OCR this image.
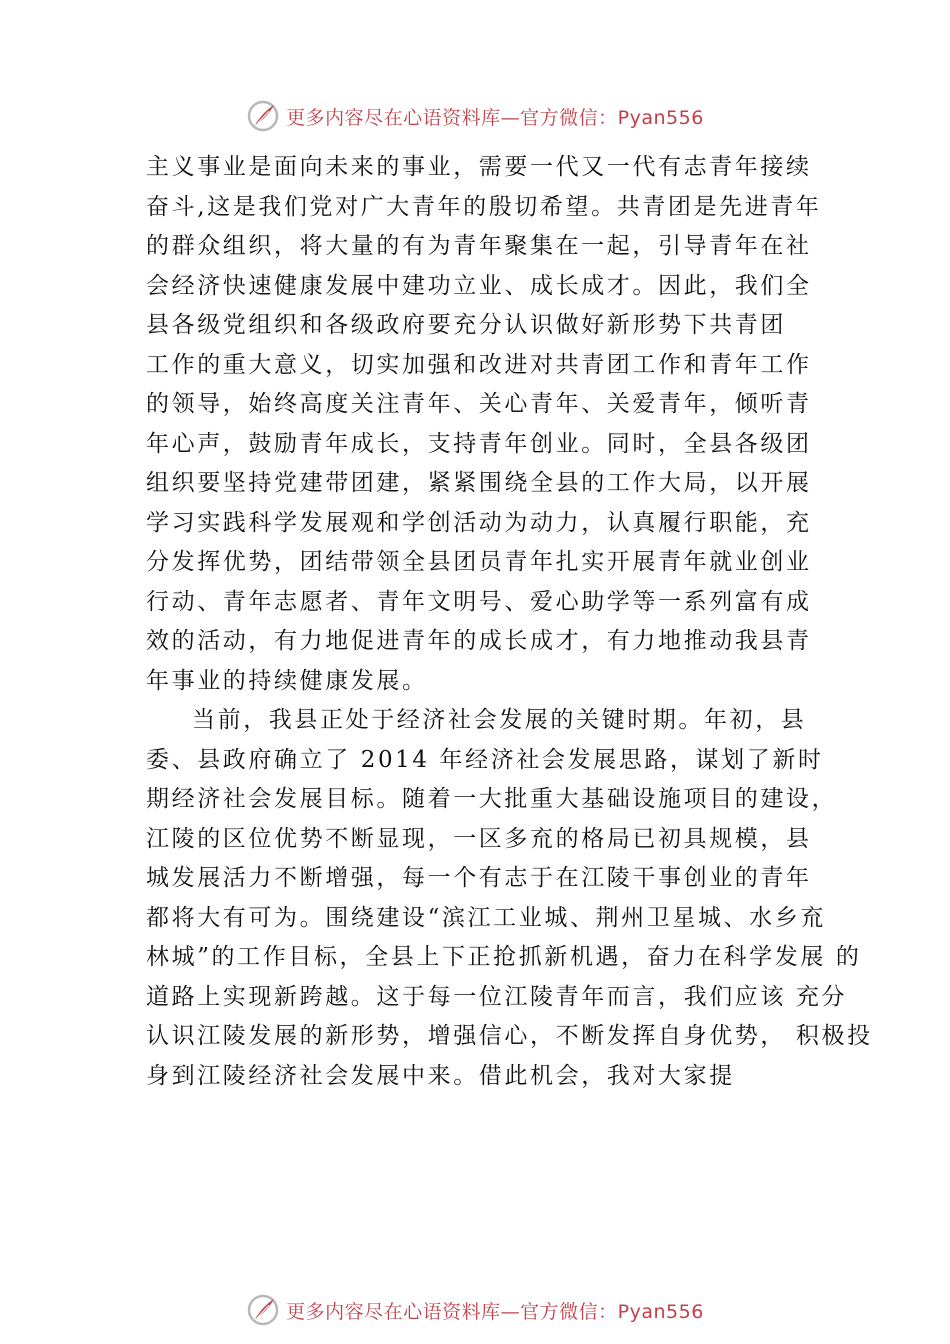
更多内容尽在心语资料库—官方微信：Pyan556
主义事业是面向未来的事业，需要一代又一代有志青年接续
奋斗,这是我们党对广大青年的殷切希望。共青团是先进青年
的群众组织，将大量的有为青年聚集在一起，引导青年在社
会经济快速健康发展中建功立业、成长成才。因此，我们全
县各级党组织和各级政府要充分认识做好新形势下共青团
工作的重大意义，切实加强和改进对共青团工作和青年工作
的领导，始终高度关注青年、关心青年、关爱青年，倾听青
年心声，鼓励青年成长，支持青年创业。同时，全县各级团
组织要坚持党建带团建，紧紧围绕全县的工作大局，以开展
学习实践科学发展观和学创活动为动力，认真履行职能，充
分发挥优势，团结带领全县团员青年扎实开展青年就业创业
行动、青年志愿者、青年文明号、爱心助学等一系列富有成
效的活动，有力地促进青年的成长成才，有力地推动我县青
年事业的持续健康发展。
当前，我县正处于经济社会发展的关键时期。年初，县
委、县政府确立了 2014 年经济社会发展思路，谋划了新时
期经济社会发展目标。随着一大批重大基础设施项目的建设，
江陵的区位优势不断显现，一区多㐬的格局已初具规模，县
城发展活力不断增强，每一个有志于在江陵干事创业的青年
都将大有可为。围绕建设“滨江工业城、荆州卫星城、水乡㐬
林城”的工作目标，全县上下正抢抓新机遇，奋力在科学发展 的
道路上实现新跨越。这于每一位江陵青年而言，我们应该 充分
认识江陵发展的新形势，增强信心，不断发挥自身优势， 积极投
身到江陵经济社会发展中来。借此机会，我对大家提
更多内容尽在心语资料库—官方微信：Pyan556
